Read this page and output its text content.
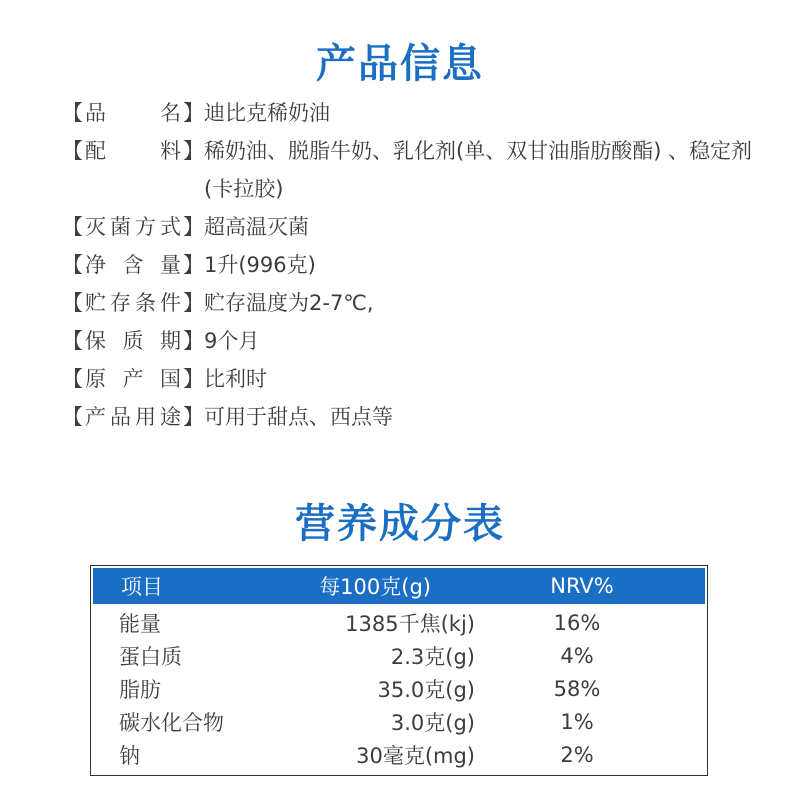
产品信息
【 品 名 】 迪比克稀奶油
【 配 料 】 稀奶油、脱脂牛奶、乳化剂(单、双甘油脂肪酸酯) 、稳定剂(卡拉胶)
【 灭菌方式 】 超高温灭菌
【 净 含 量 】 1升(996克)
【 贮存条件 】 贮存温度为2-7℃,
【 保 质 期 】 9个月
【 原 产 国 】 比利时
【 产品用途 】 可用于甜点、西点等
营养成分表
项目	每100克(g)	NRV%
能量	1385千焦(kj)	16%
蛋白质	2.3克(g)	4%
脂肪	35.0克(g)	58%
碳水化合物	3.0克(g)	1%
钠	30毫克(mg)	2%
